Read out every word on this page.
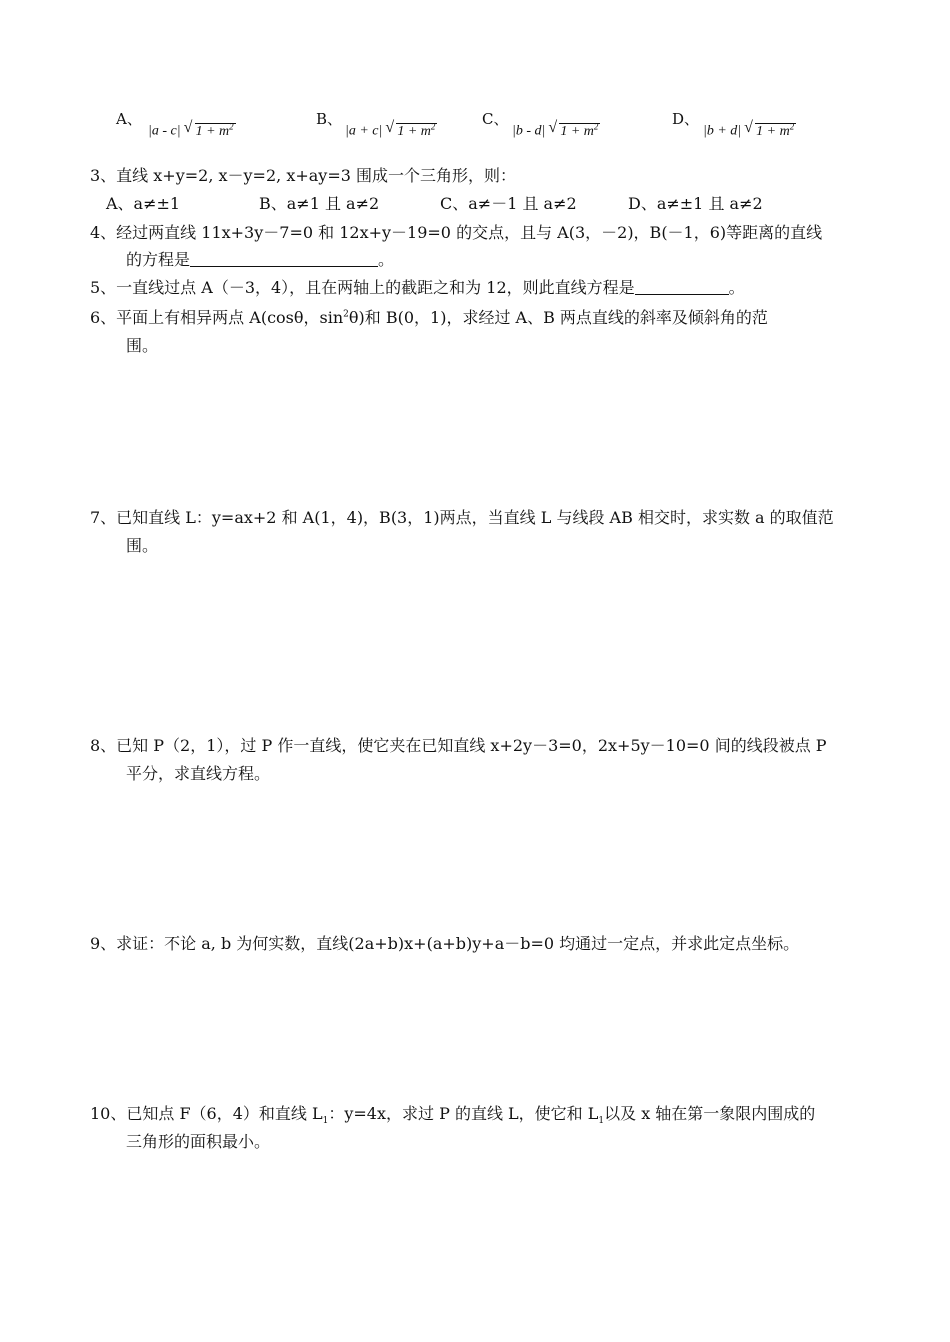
A、
|a - c| √ $1 + m^2$	B、
|a + c| √ $1 + m^2$	C、
|b - d| √ $1 + m^2$	D、
|b + d| √ $1 + m^2$
3、直线 x+y=2, x－y=2, x+ay=3 围成一个三角形，则：
A、a≠±1	B、a≠1 且 a≠2	C、a≠－1 且 a≠2	D、a≠±1 且 a≠2
4、经过两直线 11x+3y－7=0 和 12x+y－19=0 的交点，且与 A(3，－2)，B(－1，6)等距离的直线
的方程是	。
5、一直线过点 A（－3，4），且在两轴上的截距之和为 12，则此直线方程是	。
6、平面上有相异两点 A(cosθ，$\sin^2\theta$)和 B(0，1)，求经过 A、B 两点直线的斜率及倾斜角的范
围。
7、已知直线 L：y=ax+2 和 A(1，4)，B(3，1)两点，当直线 L 与线段 AB 相交时，求实数 a 的取值范
围。
8、已知 P（2，1），过 P 作一直线，使它夹在已知直线 x+2y－3=0，2x+5y－10=0 间的线段被点 P
平分，求直线方程。
9、求证：不论 a, b 为何实数，直线(2a+b)x+(a+b)y+a－b=0 均通过一定点，并求此定点坐标。
10、已知点 F（6，4）和直线 $L_1$：y=4x，求过 P 的直线 L，使它和 $L_1$以及 x 轴在第一象限内围成的
三角形的面积最小。
